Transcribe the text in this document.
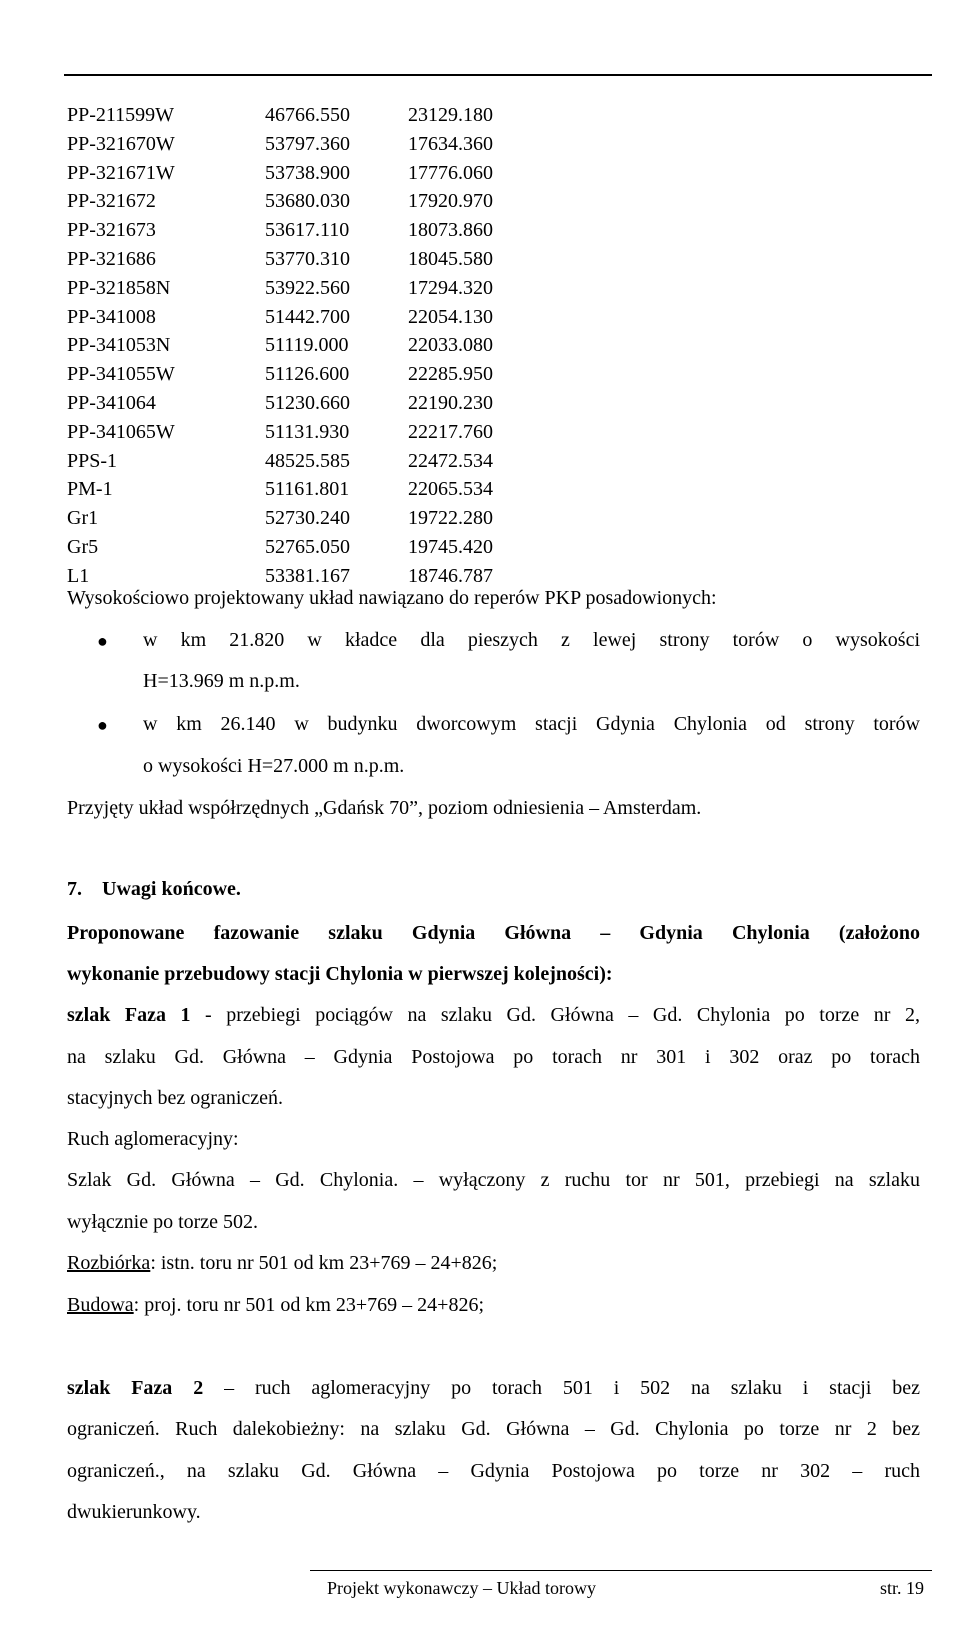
Przebudowa linii kolejowej E65, odcinek Warszawa – Działdowo - Gdynia, etap I w Polsce
Projekt nr FS 2004/PL/16/C/PT/006-04 – Obszar LCS GDYNIA
Szlak GDYNIA GŁÓWNA – GDYNIA CHYLONIA
PP-211599W	46766.550	23129.180
PP-321670W	53797.360	17634.360
PP-321671W	53738.900	17776.060
PP-321672	53680.030	17920.970
PP-321673	53617.110	18073.860
PP-321686	53770.310	18045.580
PP-321858N	53922.560	17294.320
PP-341008	51442.700	22054.130
PP-341053N	51119.000	22033.080
PP-341055W	51126.600	22285.950
PP-341064	51230.660	22190.230
PP-341065W	51131.930	22217.760
PPS-1	48525.585	22472.534
PM-1	51161.801	22065.534
Gr1	52730.240	19722.280
Gr5	52765.050	19745.420
L1	53381.167	18746.787
Wysokościowo projektowany układ nawiązano do reperów PKP posadowionych:
● w km 21.820 w kładce dla pieszych z lewej strony torów o wysokości
H=13.969 m n.p.m.
● w km 26.140 w budynku dworcowym stacji Gdynia Chylonia od strony torów
o wysokości H=27.000 m n.p.m.
Przyjęty układ współrzędnych „Gdańsk 70”, poziom odniesienia – Amsterdam.
7. Uwagi końcowe.
Proponowane fazowanie szlaku Gdynia Główna – Gdynia Chylonia (założono
wykonanie przebudowy stacji Chylonia w pierwszej kolejności):
szlak Faza 1 - przebiegi pociągów na szlaku Gd. Główna – Gd. Chylonia po torze nr 2,
na szlaku Gd. Główna – Gdynia Postojowa po torach nr 301 i 302 oraz po torach
stacyjnych bez ograniczeń.
Ruch aglomeracyjny:
Szlak Gd. Główna – Gd. Chylonia. – wyłączony z ruchu tor nr 501, przebiegi na szlaku
wyłącznie po torze 502.
Rozbiórka: istn. toru nr 501 od km 23+769 – 24+826;
Budowa: proj. toru nr 501 od km 23+769 – 24+826;
szlak Faza 2 – ruch aglomeracyjny po torach 501 i 502 na szlaku i stacji bez
ograniczeń. Ruch dalekobieżny: na szlaku Gd. Główna – Gd. Chylonia po torze nr 2 bez
ograniczeń., na szlaku Gd. Główna – Gdynia Postojowa po torze nr 302 – ruch
dwukierunkowy.
Projekt wykonawczy – Układ torowy	str. 19
